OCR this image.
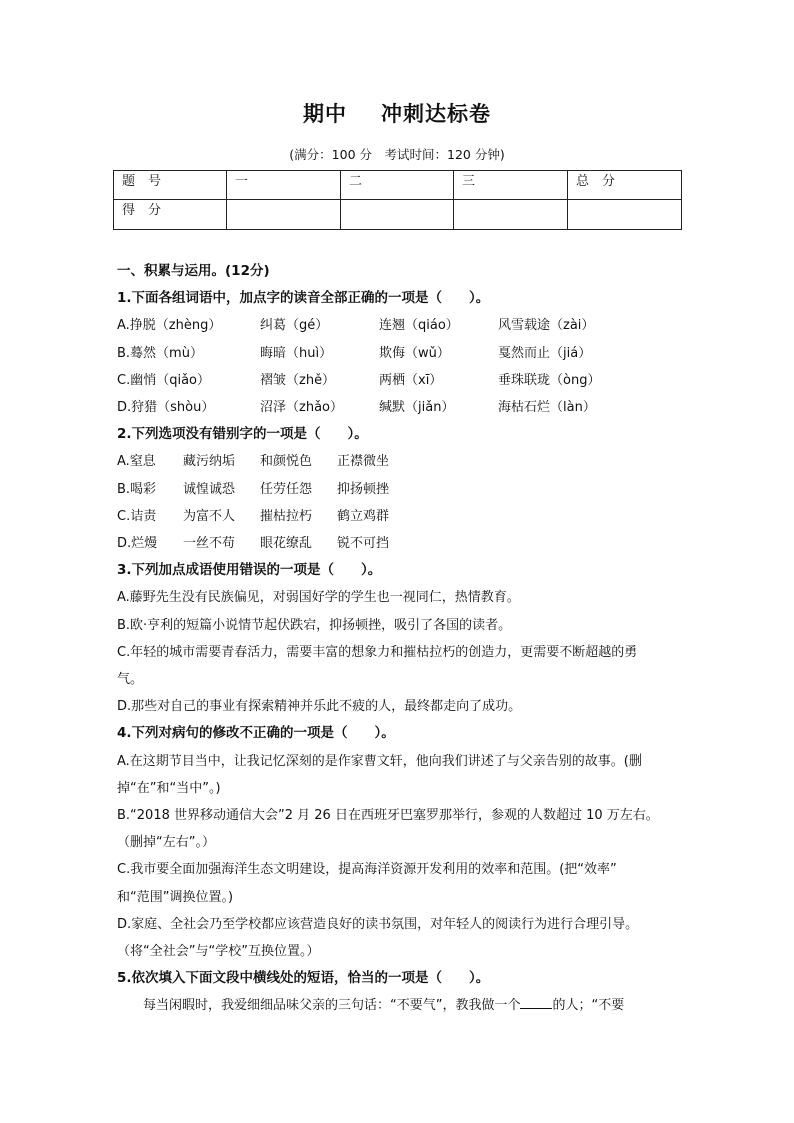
期中 冲刺达标卷
(满分：100 分　考试时间：120 分钟)
题　号	一	二	三	总　分
得　分				
一、积累与运用。(12分)
1.下面各组词语中，加点字的读音全部正确的一项是（　　）。
A.挣脱（zhèng）	纠葛（gé）	连翘（qiáo）	风雪载途（zài）
B.蓦然（mù）	晦暗（huì）	欺侮（wǔ）	戛然而止（jiá）
C.幽悄（qiǎo）	褶皱（zhě）	两栖（xī）	垂珠联珑（òng）
D.狩猎（shòu）	沼泽（zhǎo）	缄默（jiǎn）	海枯石烂（làn）
2.下列选项没有错别字的一项是（　　）。
A.窒息 藏污纳垢 和颜悦色 正襟微坐
B.喝彩 诚惶诚恐 任劳任怨 抑扬顿挫
C.诘责 为富不人 摧枯拉朽 鹤立鸡群
D.烂熳 一丝不苟 眼花缭乱 锐不可挡
3.下列加点成语使用错误的一项是（　　）。
A.藤野先生没有民族偏见，对弱国好学的学生也一视同仁，热情教育。
B.欧·亨利的短篇小说情节起伏跌宕，抑扬顿挫，吸引了各国的读者。
C.年轻的城市需要青春活力，需要丰富的想象力和摧枯拉朽的创造力，更需要不断超越的勇
气。
D.那些对自己的事业有探索精神并乐此不疲的人，最终都走向了成功。
4.下列对病句的修改不正确的一项是（　　）。
A.在这期节目当中，让我记忆深刻的是作家曹文轩，他向我们讲述了与父亲告别的故事。(删
掉“在”和“当中”。)
B.“2018 世界移动通信大会”2 月 26 日在西班牙巴塞罗那举行，参观的人数超过 10 万左右。
（删掉“左右”。）
C.我市要全面加强海洋生态文明建设，提高海洋资源开发利用的效率和范围。(把“效率”
和“范围”调换位置。)
D.家庭、全社会乃至学校都应该营造良好的读书氛围，对年轻人的阅读行为进行合理引导。
（将“全社会”与“学校”互换位置。）
5.依次填入下面文段中横线处的短语，恰当的一项是（　　）。
每当闲暇时，我爱细细品味父亲的三句话：“不要气”，教我做一个 的人；“不要
